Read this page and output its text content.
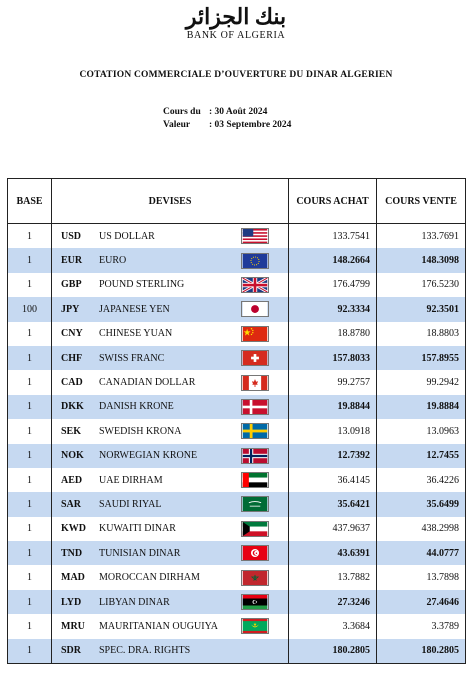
بنك الجزائر
BANK OF ALGERIA
COTATION COMMERCIALE D’OUVERTURE DU DINAR ALGERIEN
Cours du : 30 Août 2024
Valeur : 03 Septembre 2024
BASE	DEVISES	COURS ACHAT	COURS VENTE
1	USD US DOLLAR	133.7541	133.7691
1	EUR EURO	148.2664	148.3098
1	GBP POUND STERLING	176.4799	176.5230
100	JPY JAPANESE YEN	92.3334	92.3501
1	CNY CHINESE YUAN	18.8780	18.8803
1	CHF SWISS FRANC	157.8033	157.8955
1	CAD CANADIAN DOLLAR	99.2757	99.2942
1	DKK DANISH KRONE	19.8844	19.8884
1	SEK SWEDISH KRONA	13.0918	13.0963
1	NOK NORWEGIAN KRONE	12.7392	12.7455
1	AED UAE DIRHAM	36.4145	36.4226
1	SAR SAUDI RIYAL	35.6421	35.6499
1	KWD KUWAITI DINAR	437.9637	438.2998
1	TND TUNISIAN DINAR	43.6391	44.0777
1	MAD MOROCCAN DIRHAM	13.7882	13.7898
1	LYD LIBYAN DINAR	27.3246	27.4646
1	MRU MAURITANIAN OUGUIYA	3.3684	3.3789
1	SDR SPEC. DRA. RIGHTS	180.2805	180.2805
